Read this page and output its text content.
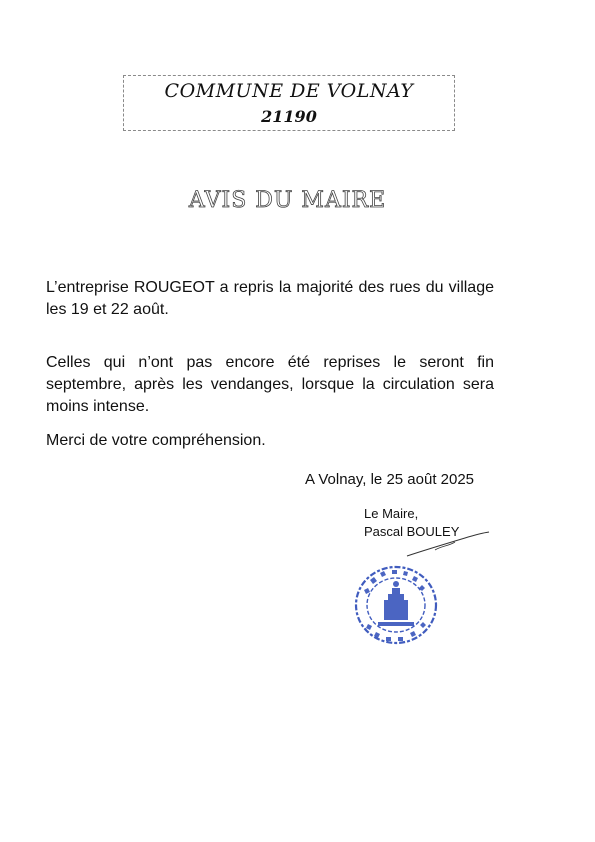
COMMUNE DE VOLNAY
21190
AVIS DU MAIRE

L’entreprise ROUGEOT a repris la majorité des rues du village les 19 et 22 août.

Celles qui n’ont pas encore été reprises le seront fin septembre, après les vendanges, lorsque la circulation sera moins intense.

Merci de votre compréhension.

A Volnay, le 25 août 2025
Le Maire,
Pascal BOULEY
